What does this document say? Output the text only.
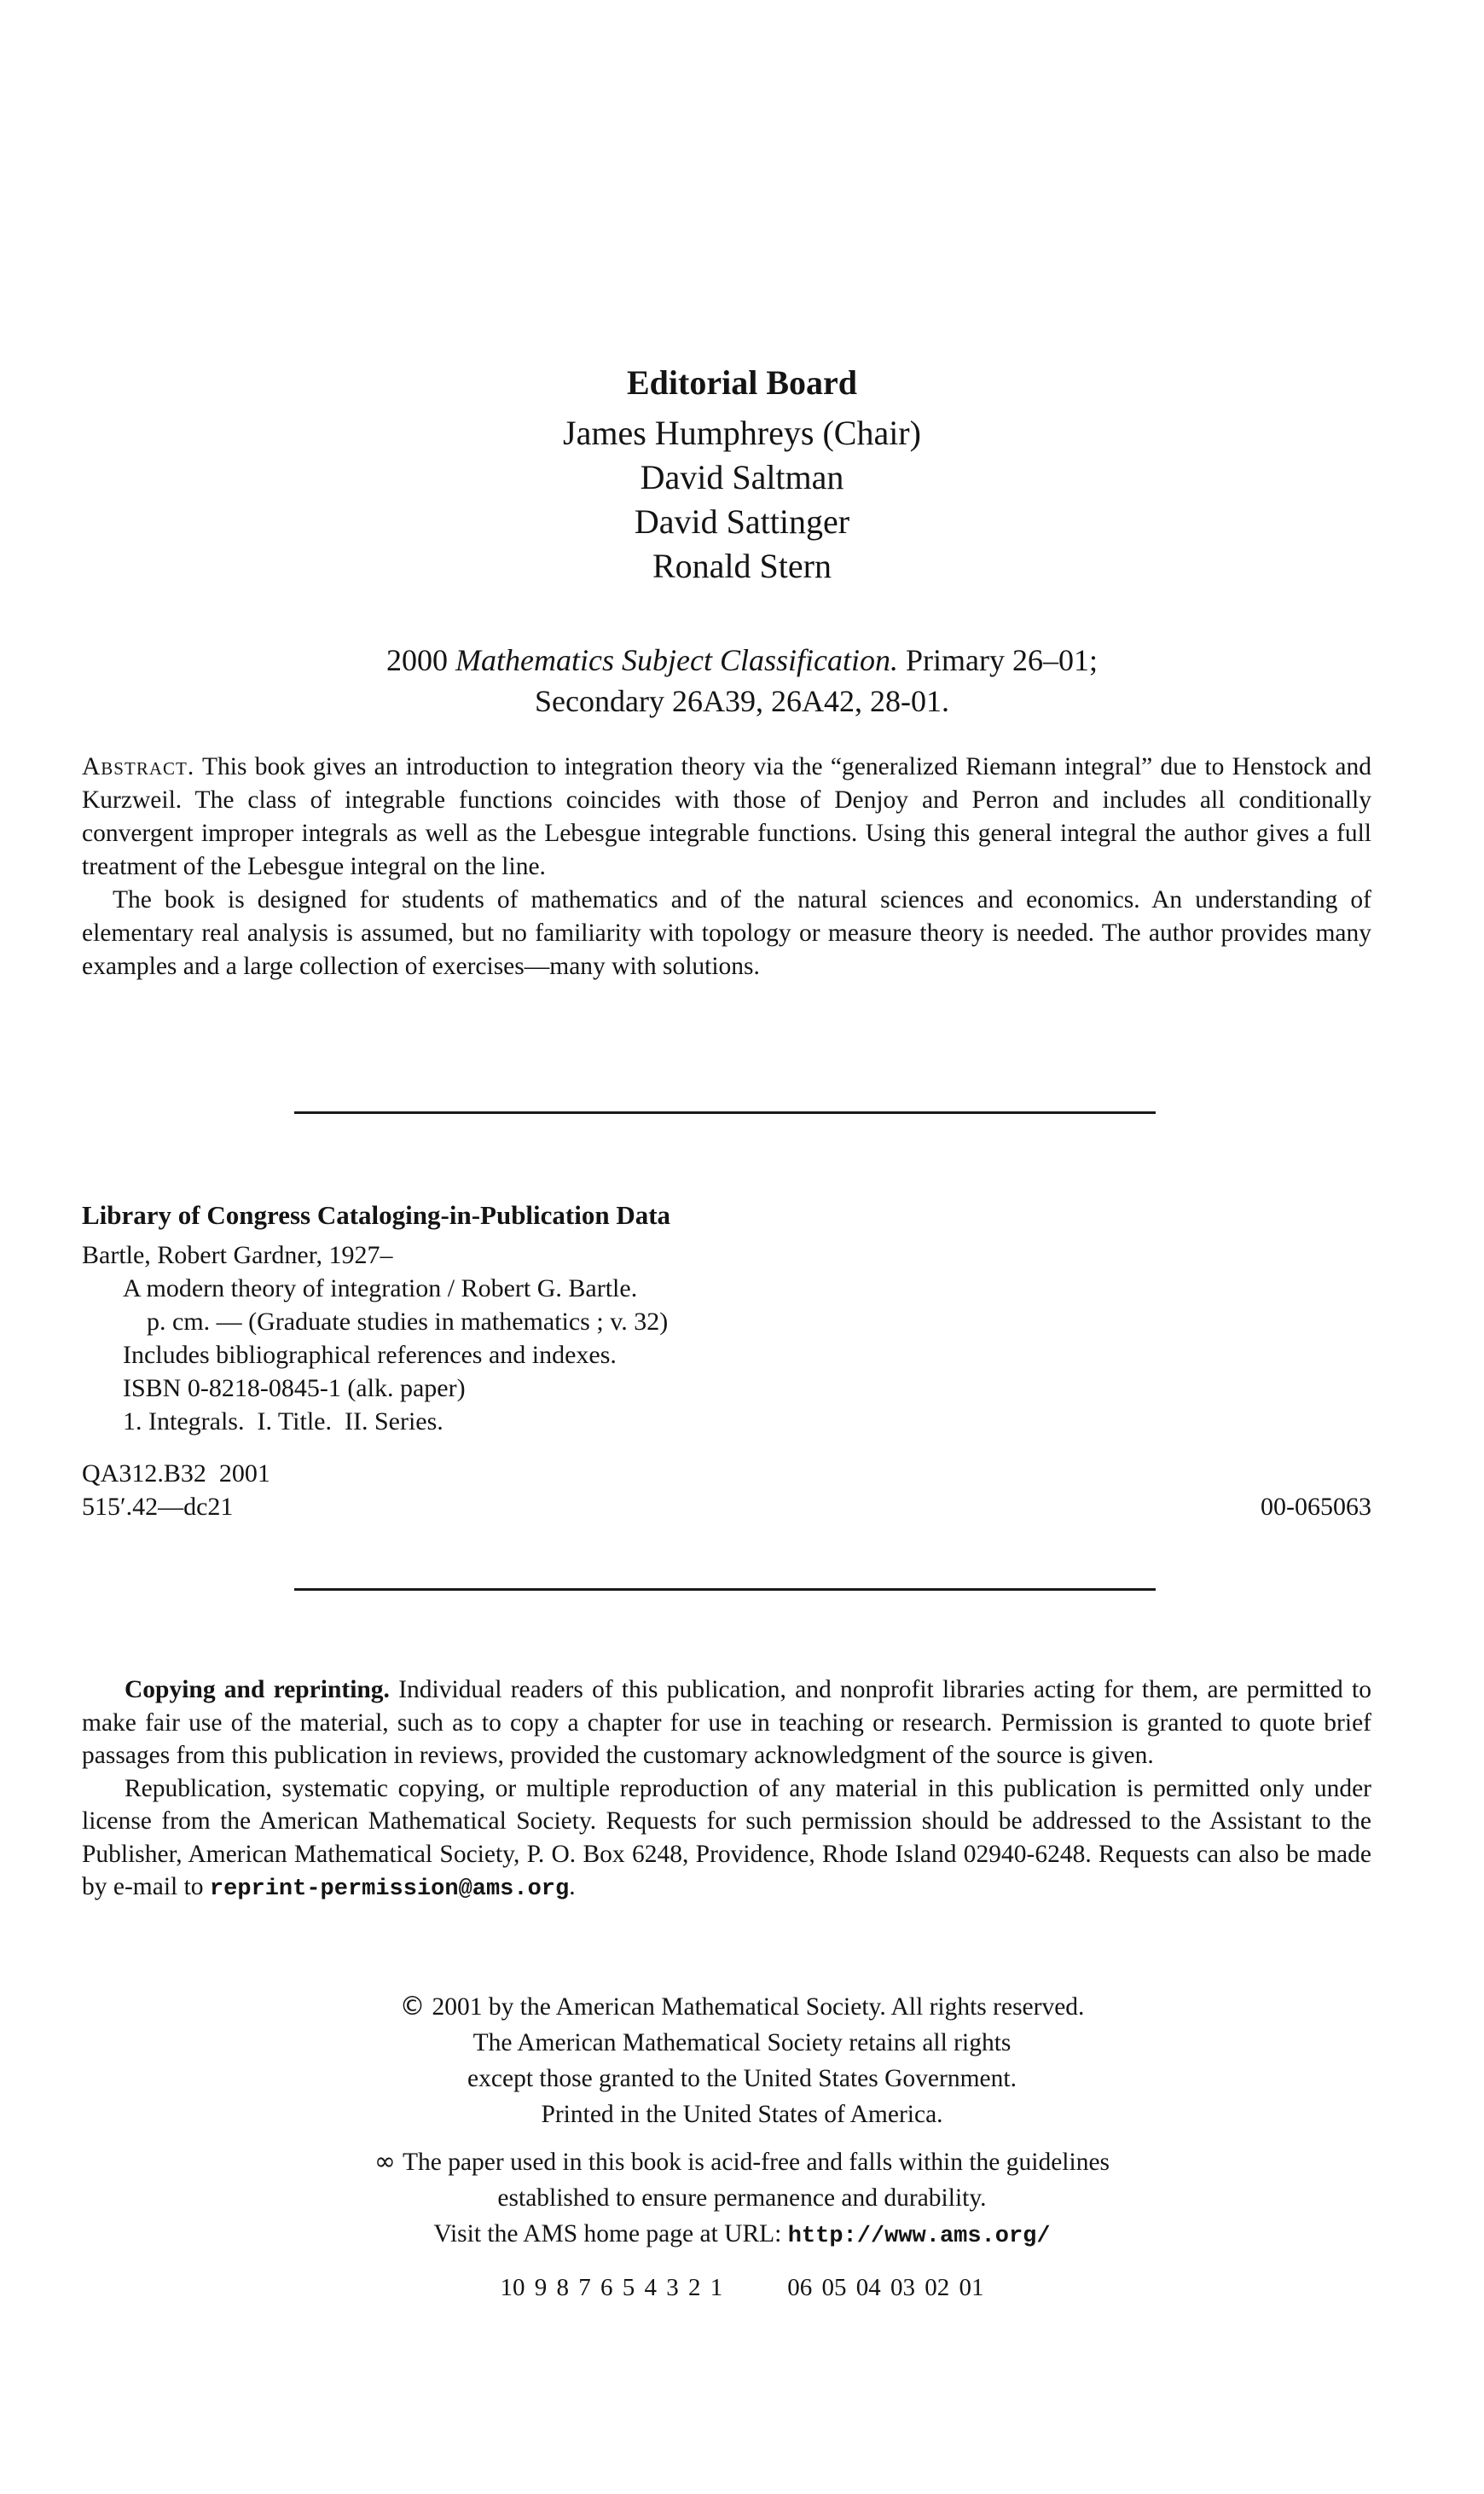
Editorial Board
James Humphreys (Chair)
David Saltman
David Sattinger
Ronald Stern
2000 Mathematics Subject Classification. Primary 26–01;
Secondary 26A39, 26A42, 28-01.

Abstract. This book gives an introduction to integration theory via the “generalized Riemann integral” due to Henstock and Kurzweil. The class of integrable functions coincides with those of Denjoy and Perron and includes all conditionally convergent improper integrals as well as the Lebesgue integrable functions. Using this general integral the author gives a full treatment of the Lebesgue integral on the line.

The book is designed for students of mathematics and of the natural sciences and economics. An understanding of elementary real analysis is assumed, but no familiarity with topology or measure theory is needed. The author provides many examples and a large collection of exercises—many with solutions.

Library of Congress Cataloging-in-Publication Data
Bartle, Robert Gardner, 1927–
A modern theory of integration / Robert G. Bartle.
p. cm. — (Graduate studies in mathematics ; v. 32)
Includes bibliographical references and indexes.
ISBN 0-8218-0845-1 (alk. paper)
1. Integrals.  I. Title.  II. Series.
QA312.B32  2001
515′.42—dc21	00-065063

Copying and reprinting. Individual readers of this publication, and nonprofit libraries acting for them, are permitted to make fair use of the material, such as to copy a chapter for use in teaching or research. Permission is granted to quote brief passages from this publication in reviews, provided the customary acknowledgment of the source is given.

Republication, systematic copying, or multiple reproduction of any material in this publication is permitted only under license from the American Mathematical Society. Requests for such permission should be addressed to the Assistant to the Publisher, American Mathematical Society, P. O. Box 6248, Providence, Rhode Island 02940-6248. Requests can also be made by e-mail to reprint-permission@ams.org.

© 2001 by the American Mathematical Society. All rights reserved.
The American Mathematical Society retains all rights
except those granted to the United States Government.
Printed in the United States of America.
∞ The paper used in this book is acid-free and falls within the guidelines
established to ensure permanence and durability.
Visit the AMS home page at URL: http://www.ams.org/
10 9 8 7 6 5 4 3 2 1	06 05 04 03 02 01
